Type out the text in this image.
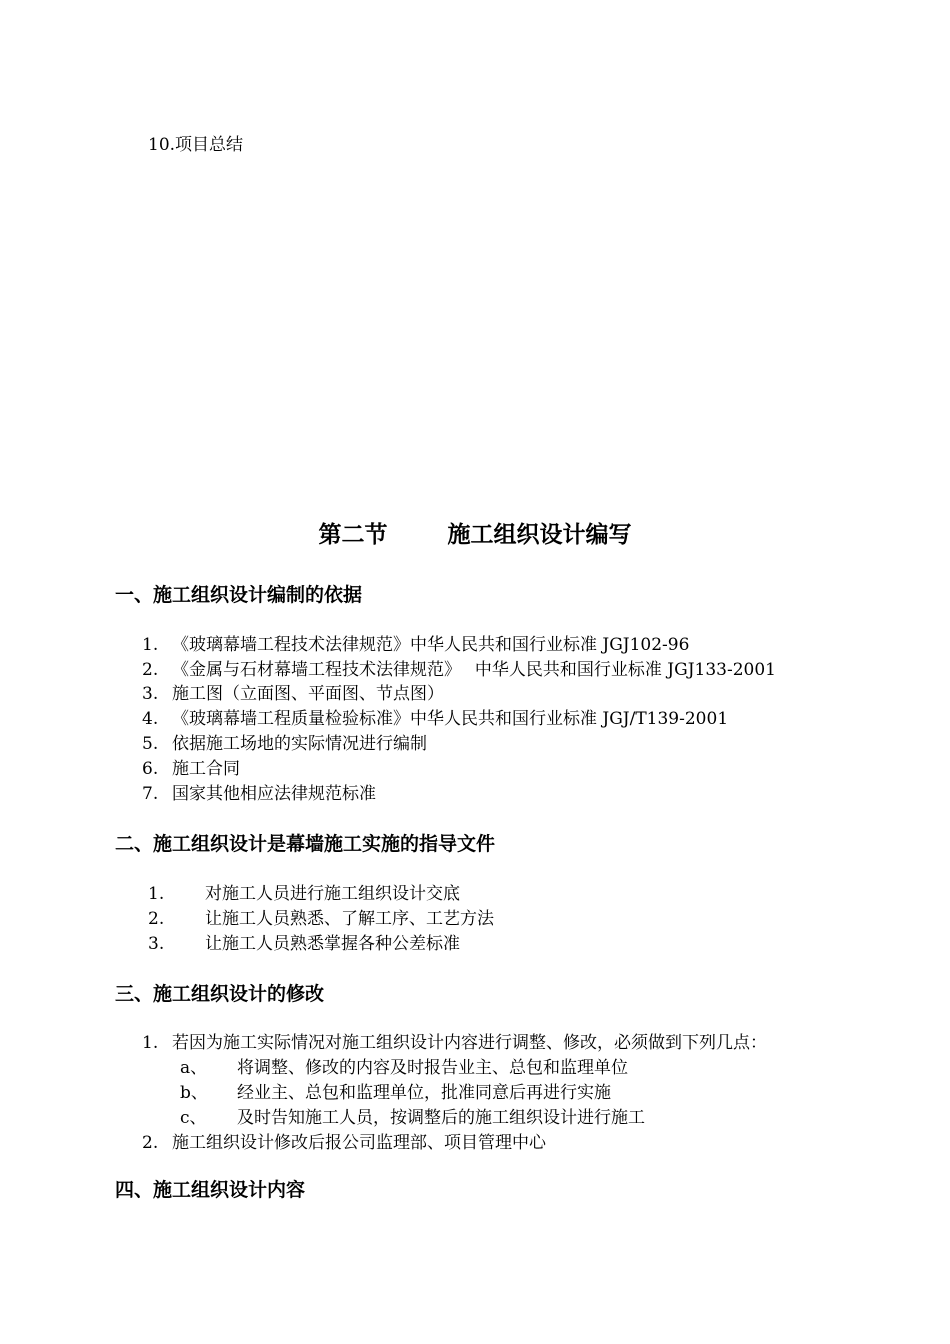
10.项目总结
第二节	施工组织设计编写
一、施工组织设计编制的依据
1. 《玻璃幕墙工程技术法律规范》中华人民共和国行业标准 JGJ102-96
2. 《金属与石材幕墙工程技术法律规范》　 中华人民共和国行业标准 JGJ133-2001
3. 施工图（立面图、平面图、节点图）
4. 《玻璃幕墙工程质量检验标准》中华人民共和国行业标准 JGJ/T139-2001
5. 依据施工场地的实际情况进行编制
6. 施工合同
7. 国家其他相应法律规范标准
二、施工组织设计是幕墙施工实施的指导文件
1. 对施工人员进行施工组织设计交底
2. 让施工人员熟悉、了解工序、工艺方法
3. 让施工人员熟悉掌握各种公差标准
三、施工组织设计的修改
1. 若因为施工实际情况对施工组织设计内容进行调整、修改，必须做到下列几点：
a、 将调整、修改的内容及时报告业主、总包和监理单位
b、 经业主、总包和监理单位，批准同意后再进行实施
c、 及时告知施工人员，按调整后的施工组织设计进行施工
2. 施工组织设计修改后报公司监理部、项目管理中心
四、施工组织设计内容
